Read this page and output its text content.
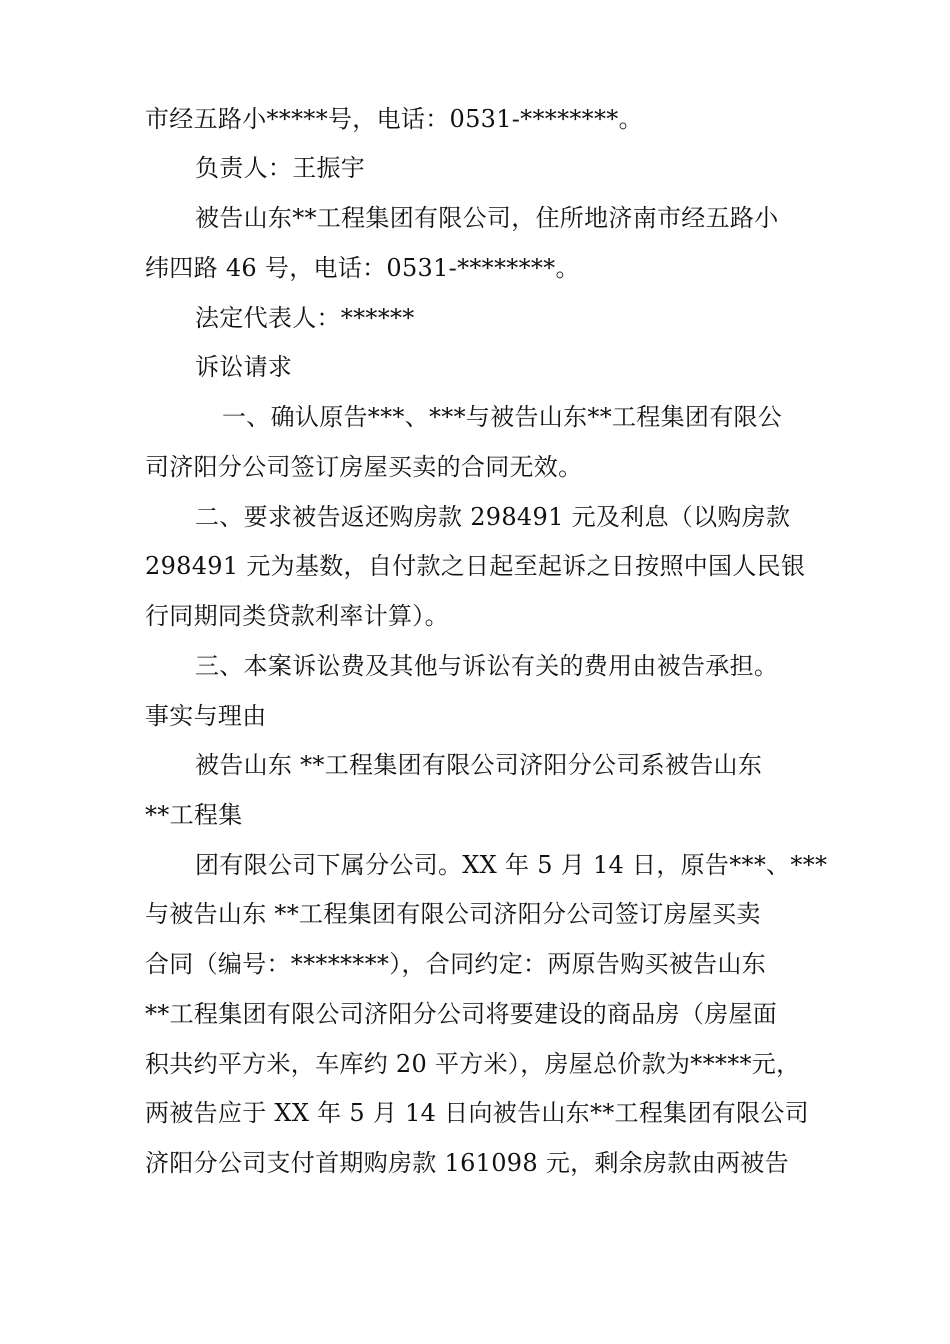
市经五路小*****号，电话：0531-********。
负责人：王振宇
被告山东**工程集团有限公司，住所地济南市经五路小
纬四路 46 号，电话：0531-********。
法定代表人：******
诉讼请求
一、确认原告***、***与被告山东**工程集团有限公
司济阳分公司签订房屋买卖的合同无效。
二、要求被告返还购房款 298491 元及利息（以购房款
298491 元为基数，自付款之日起至起诉之日按照中国人民银
行同期同类贷款利率计算）。
三、本案诉讼费及其他与诉讼有关的费用由被告承担。
事实与理由
被告山东 **工程集团有限公司济阳分公司系被告山东
**工程集
团有限公司下属分公司。XX 年 5 月 14 日，原告***、***
与被告山东 **工程集团有限公司济阳分公司签订房屋买卖
合同（编号：********），合同约定：两原告购买被告山东
**工程集团有限公司济阳分公司将要建设的商品房（房屋面
积共约平方米，车库约 20 平方米），房屋总价款为*****元，
两被告应于 XX 年 5 月 14 日向被告山东**工程集团有限公司
济阳分公司支付首期购房款 161098 元，剩余房款由两被告
